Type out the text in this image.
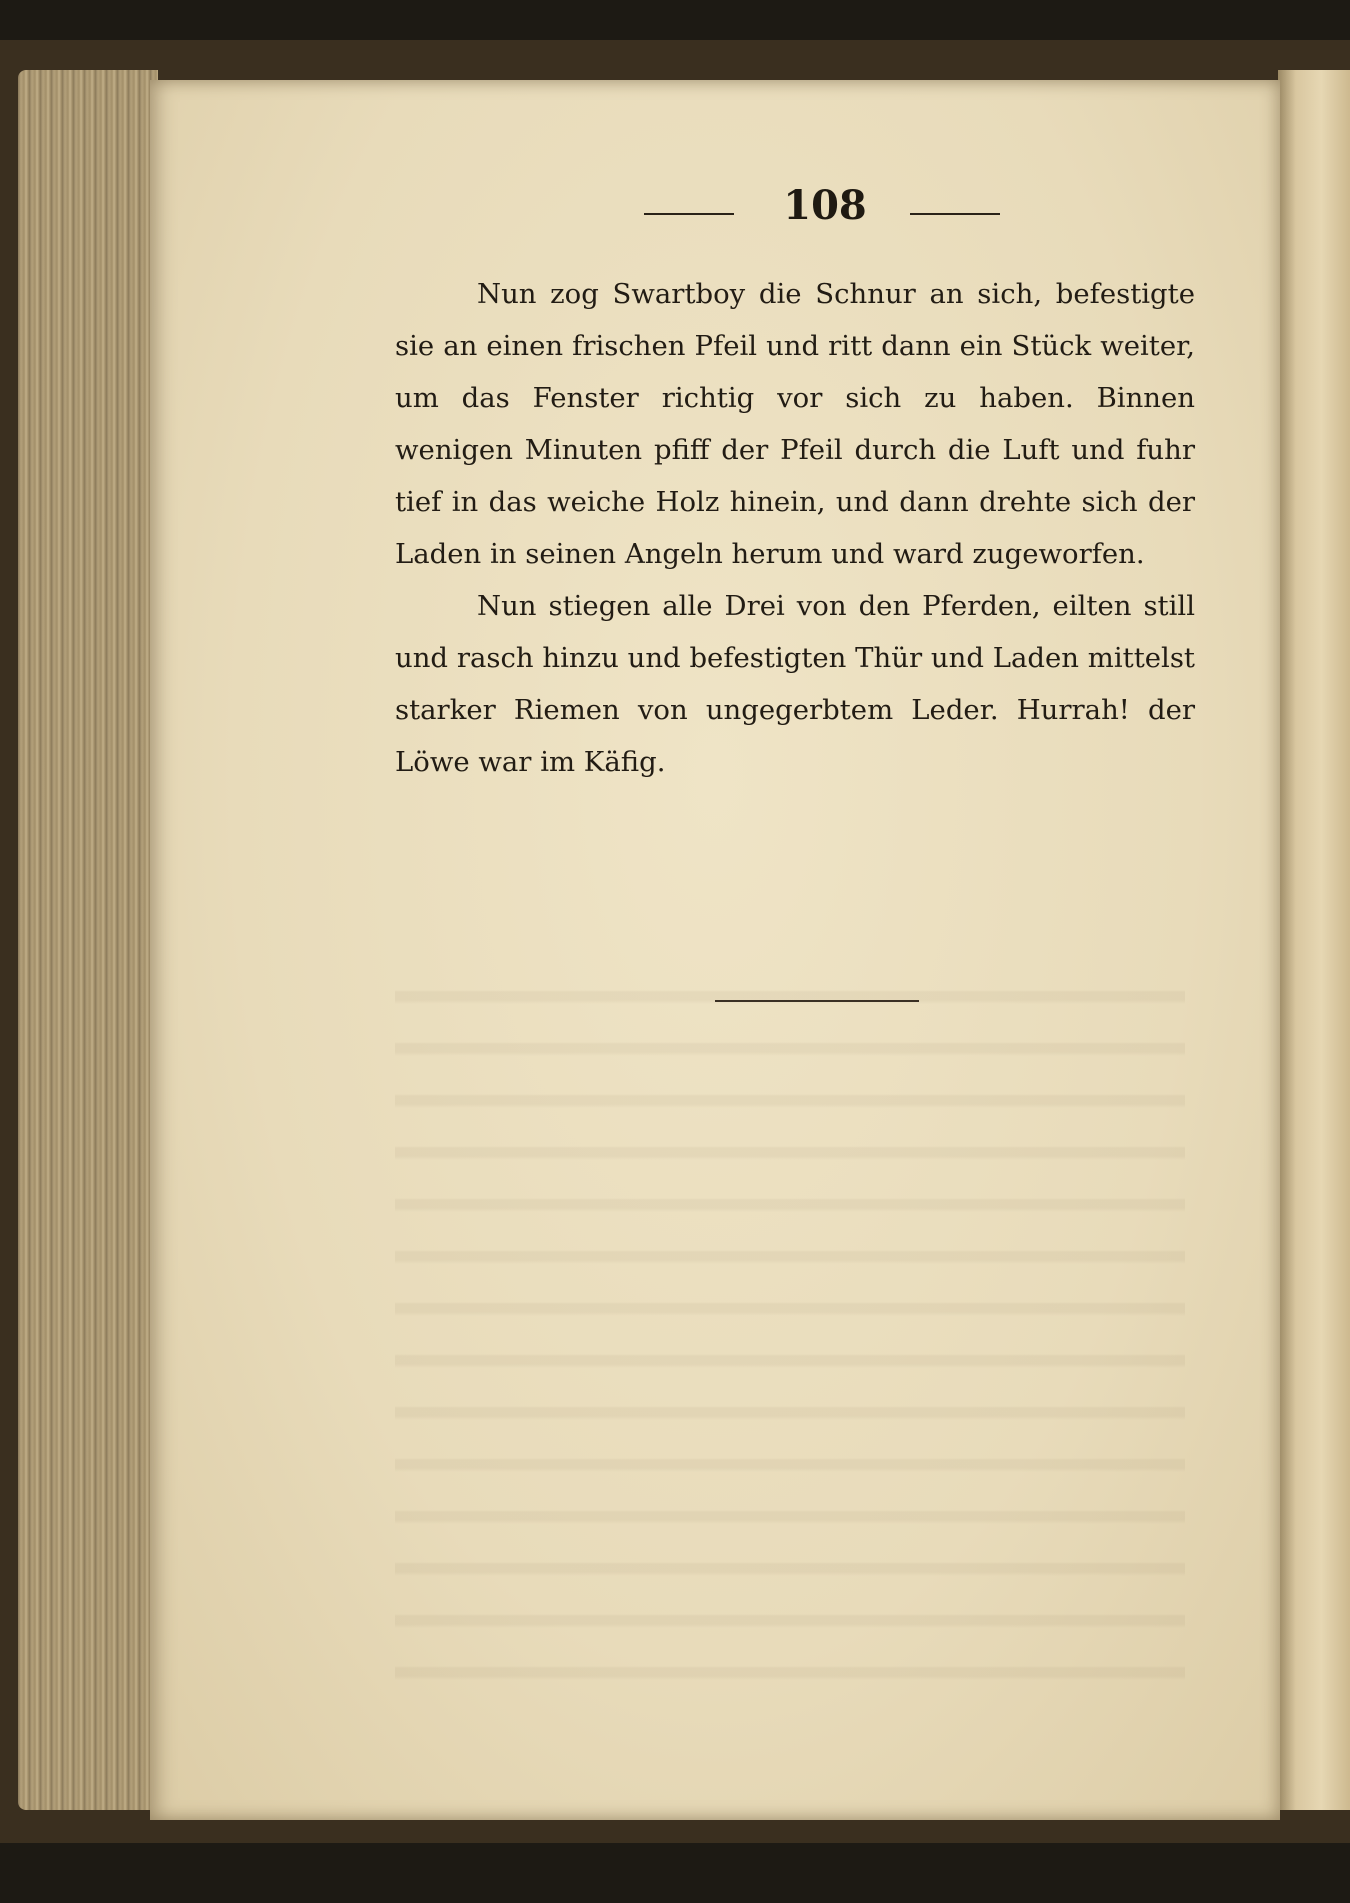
108

Nun zog Swartboy die Schnur an sich, befestigte sie an einen frischen Pfeil und ritt dann ein Stück weiter, um das Fenster richtig vor sich zu haben. Binnen wenigen Minuten pfiff der Pfeil durch die Luft und fuhr tief in das weiche Holz hinein, und dann drehte sich der Laden in seinen Angeln herum und ward zugeworfen.

Nun stiegen alle Drei von den Pferden, eilten still und rasch hinzu und befestigten Thür und Laden mittelst starker Riemen von ungegerbtem Leder. Hurrah! der Löwe war im Käfig.
